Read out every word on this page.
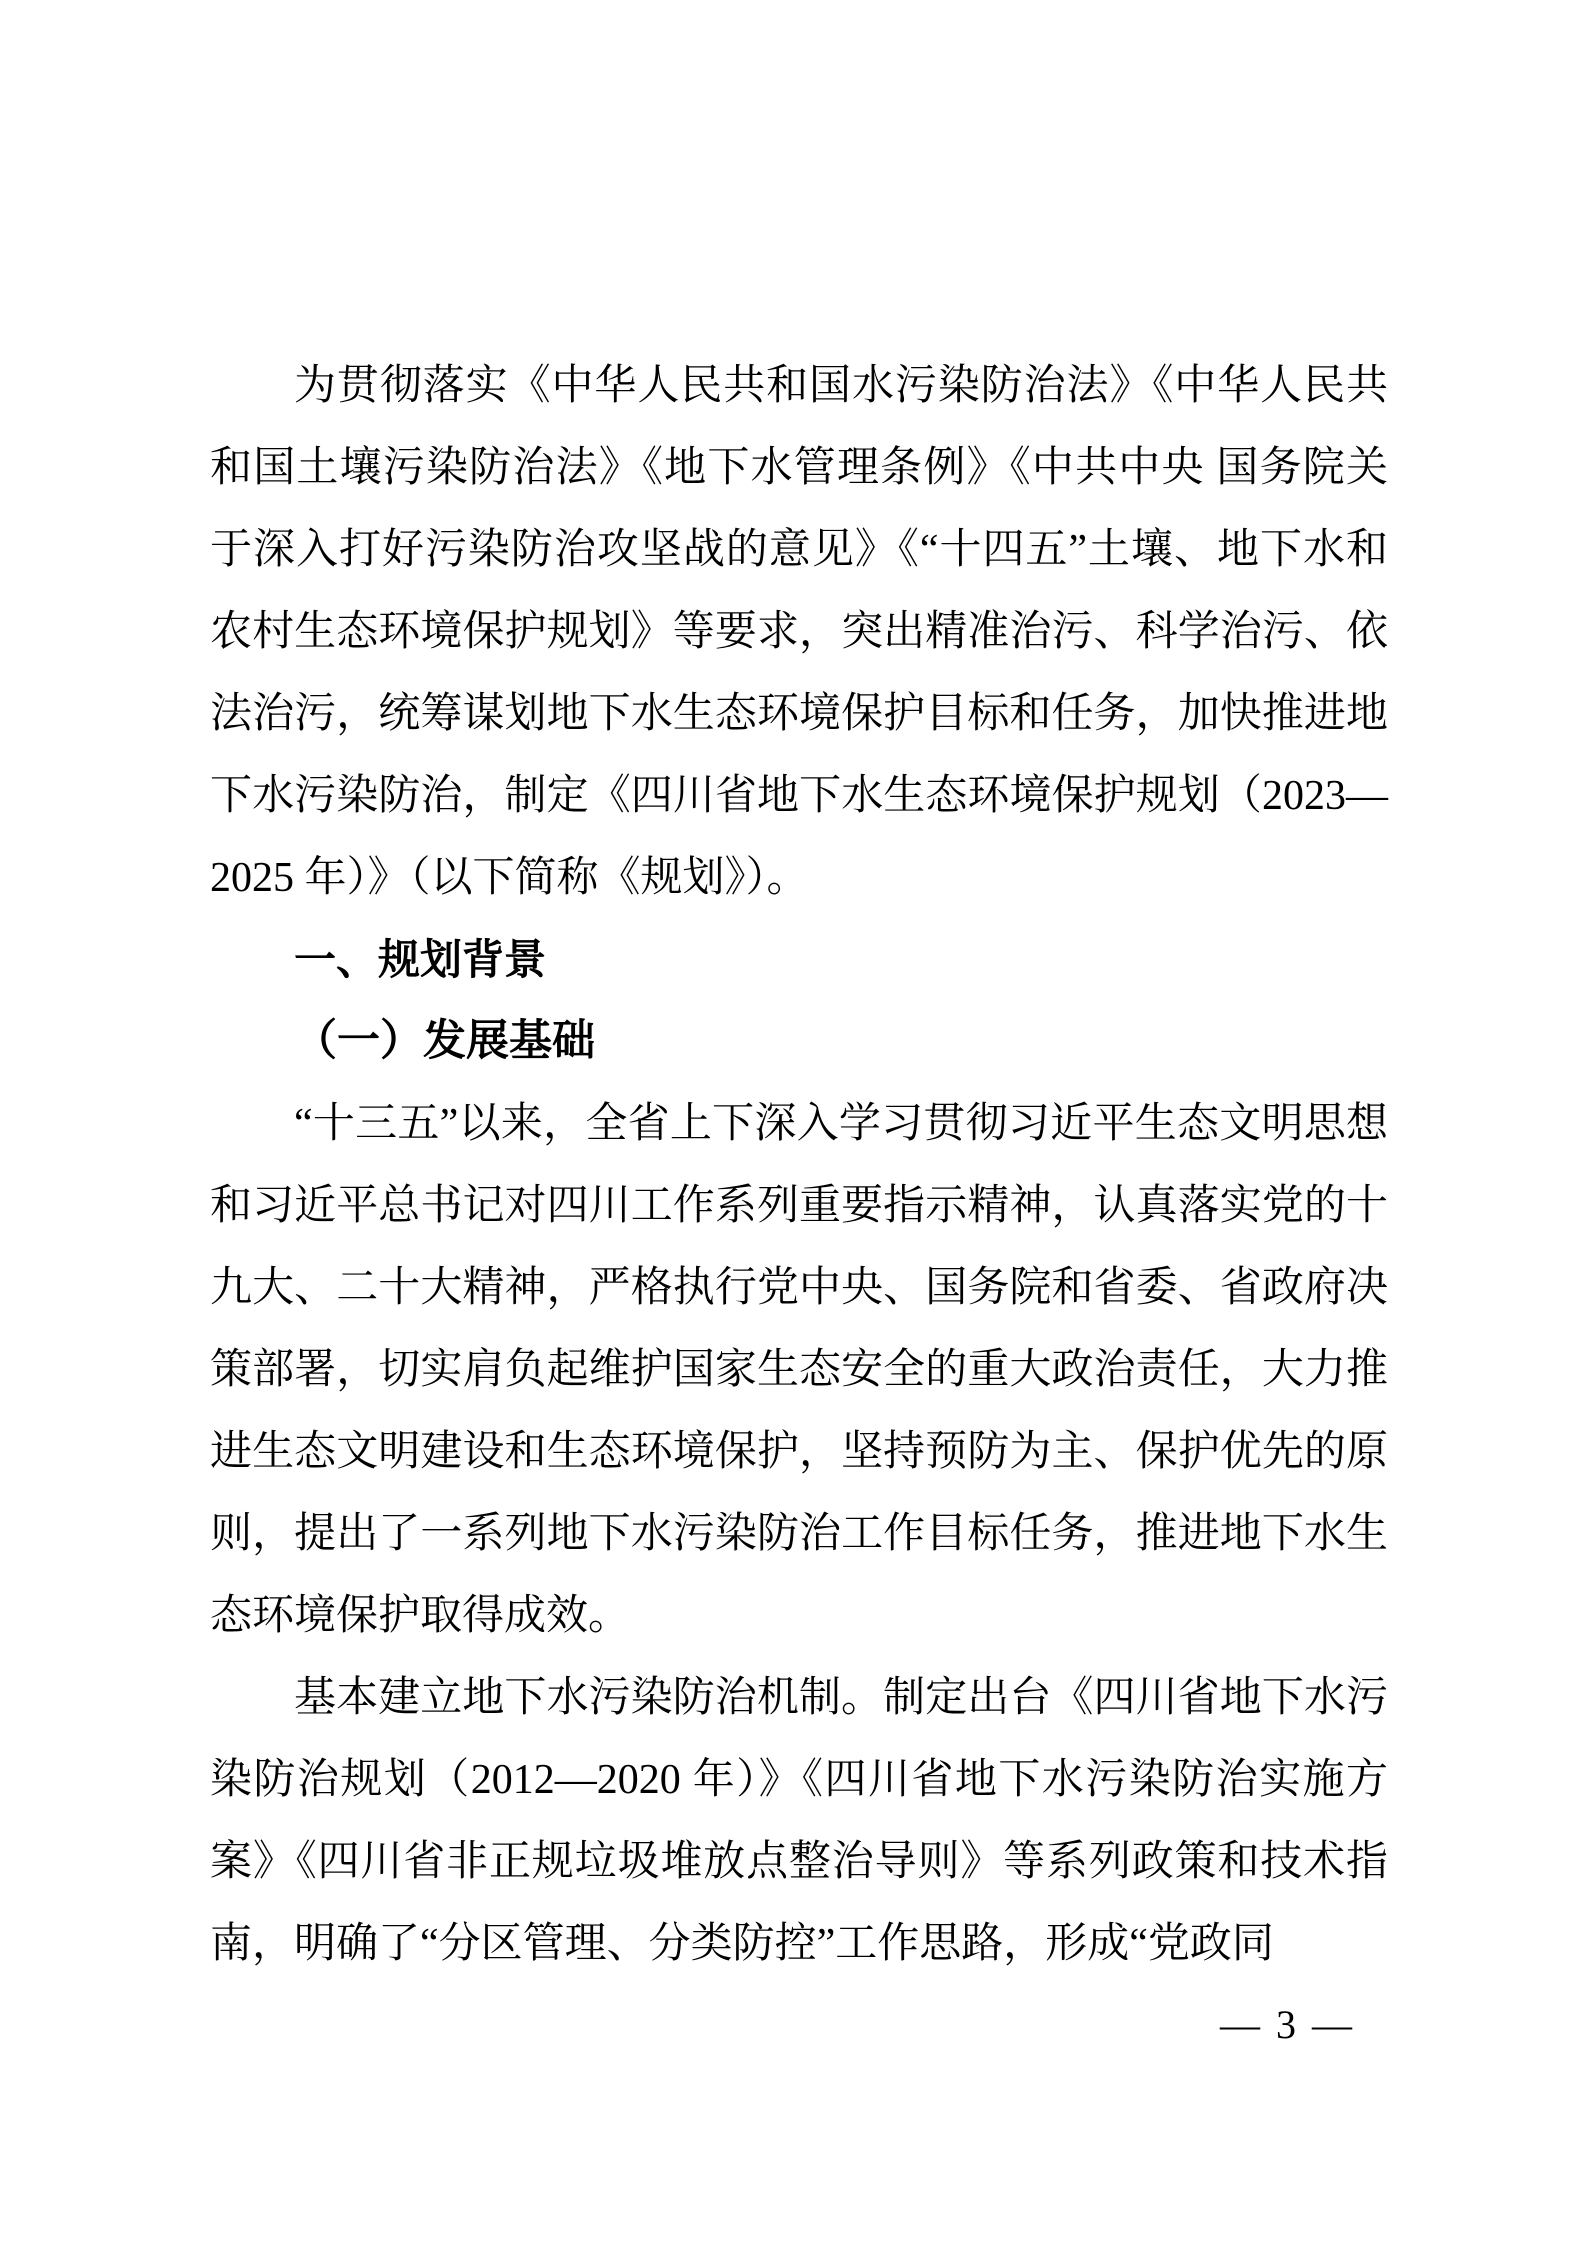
为贯彻落实《中华人民共和国水污染防治法》《中华人民共和国土壤污染防治法》《地下水管理条例》《中共中央 国务院关于深入打好污染防治攻坚战的意见》《“十四五”土壤、地下水和农村生态环境保护规划》等要求，突出精准治污、科学治污、依法治污，统筹谋划地下水生态环境保护目标和任务，加快推进地下水污染防治，制定《四川省地下水生态环境保护规划（2023—2025 年）》（以下简称《规划》）。

一、规划背景
（一）发展基础

“十三五”以来，全省上下深入学习贯彻习近平生态文明思想和习近平总书记对四川工作系列重要指示精神，认真落实党的十九大、二十大精神，严格执行党中央、国务院和省委、省政府决策部署，切实肩负起维护国家生态安全的重大政治责任，大力推进生态文明建设和生态环境保护，坚持预防为主、保护优先的原则，提出了一系列地下水污染防治工作目标任务，推进地下水生态环境保护取得成效。

基本建立地下水污染防治机制。制定出台《四川省地下水污染防治规划（2012—2020 年）》《四川省地下水污染防治实施方案》《四川省非正规垃圾堆放点整治导则》等系列政策和技术指南，明确了“分区管理、分类防控”工作思路，形成“党政同

— 3 —
